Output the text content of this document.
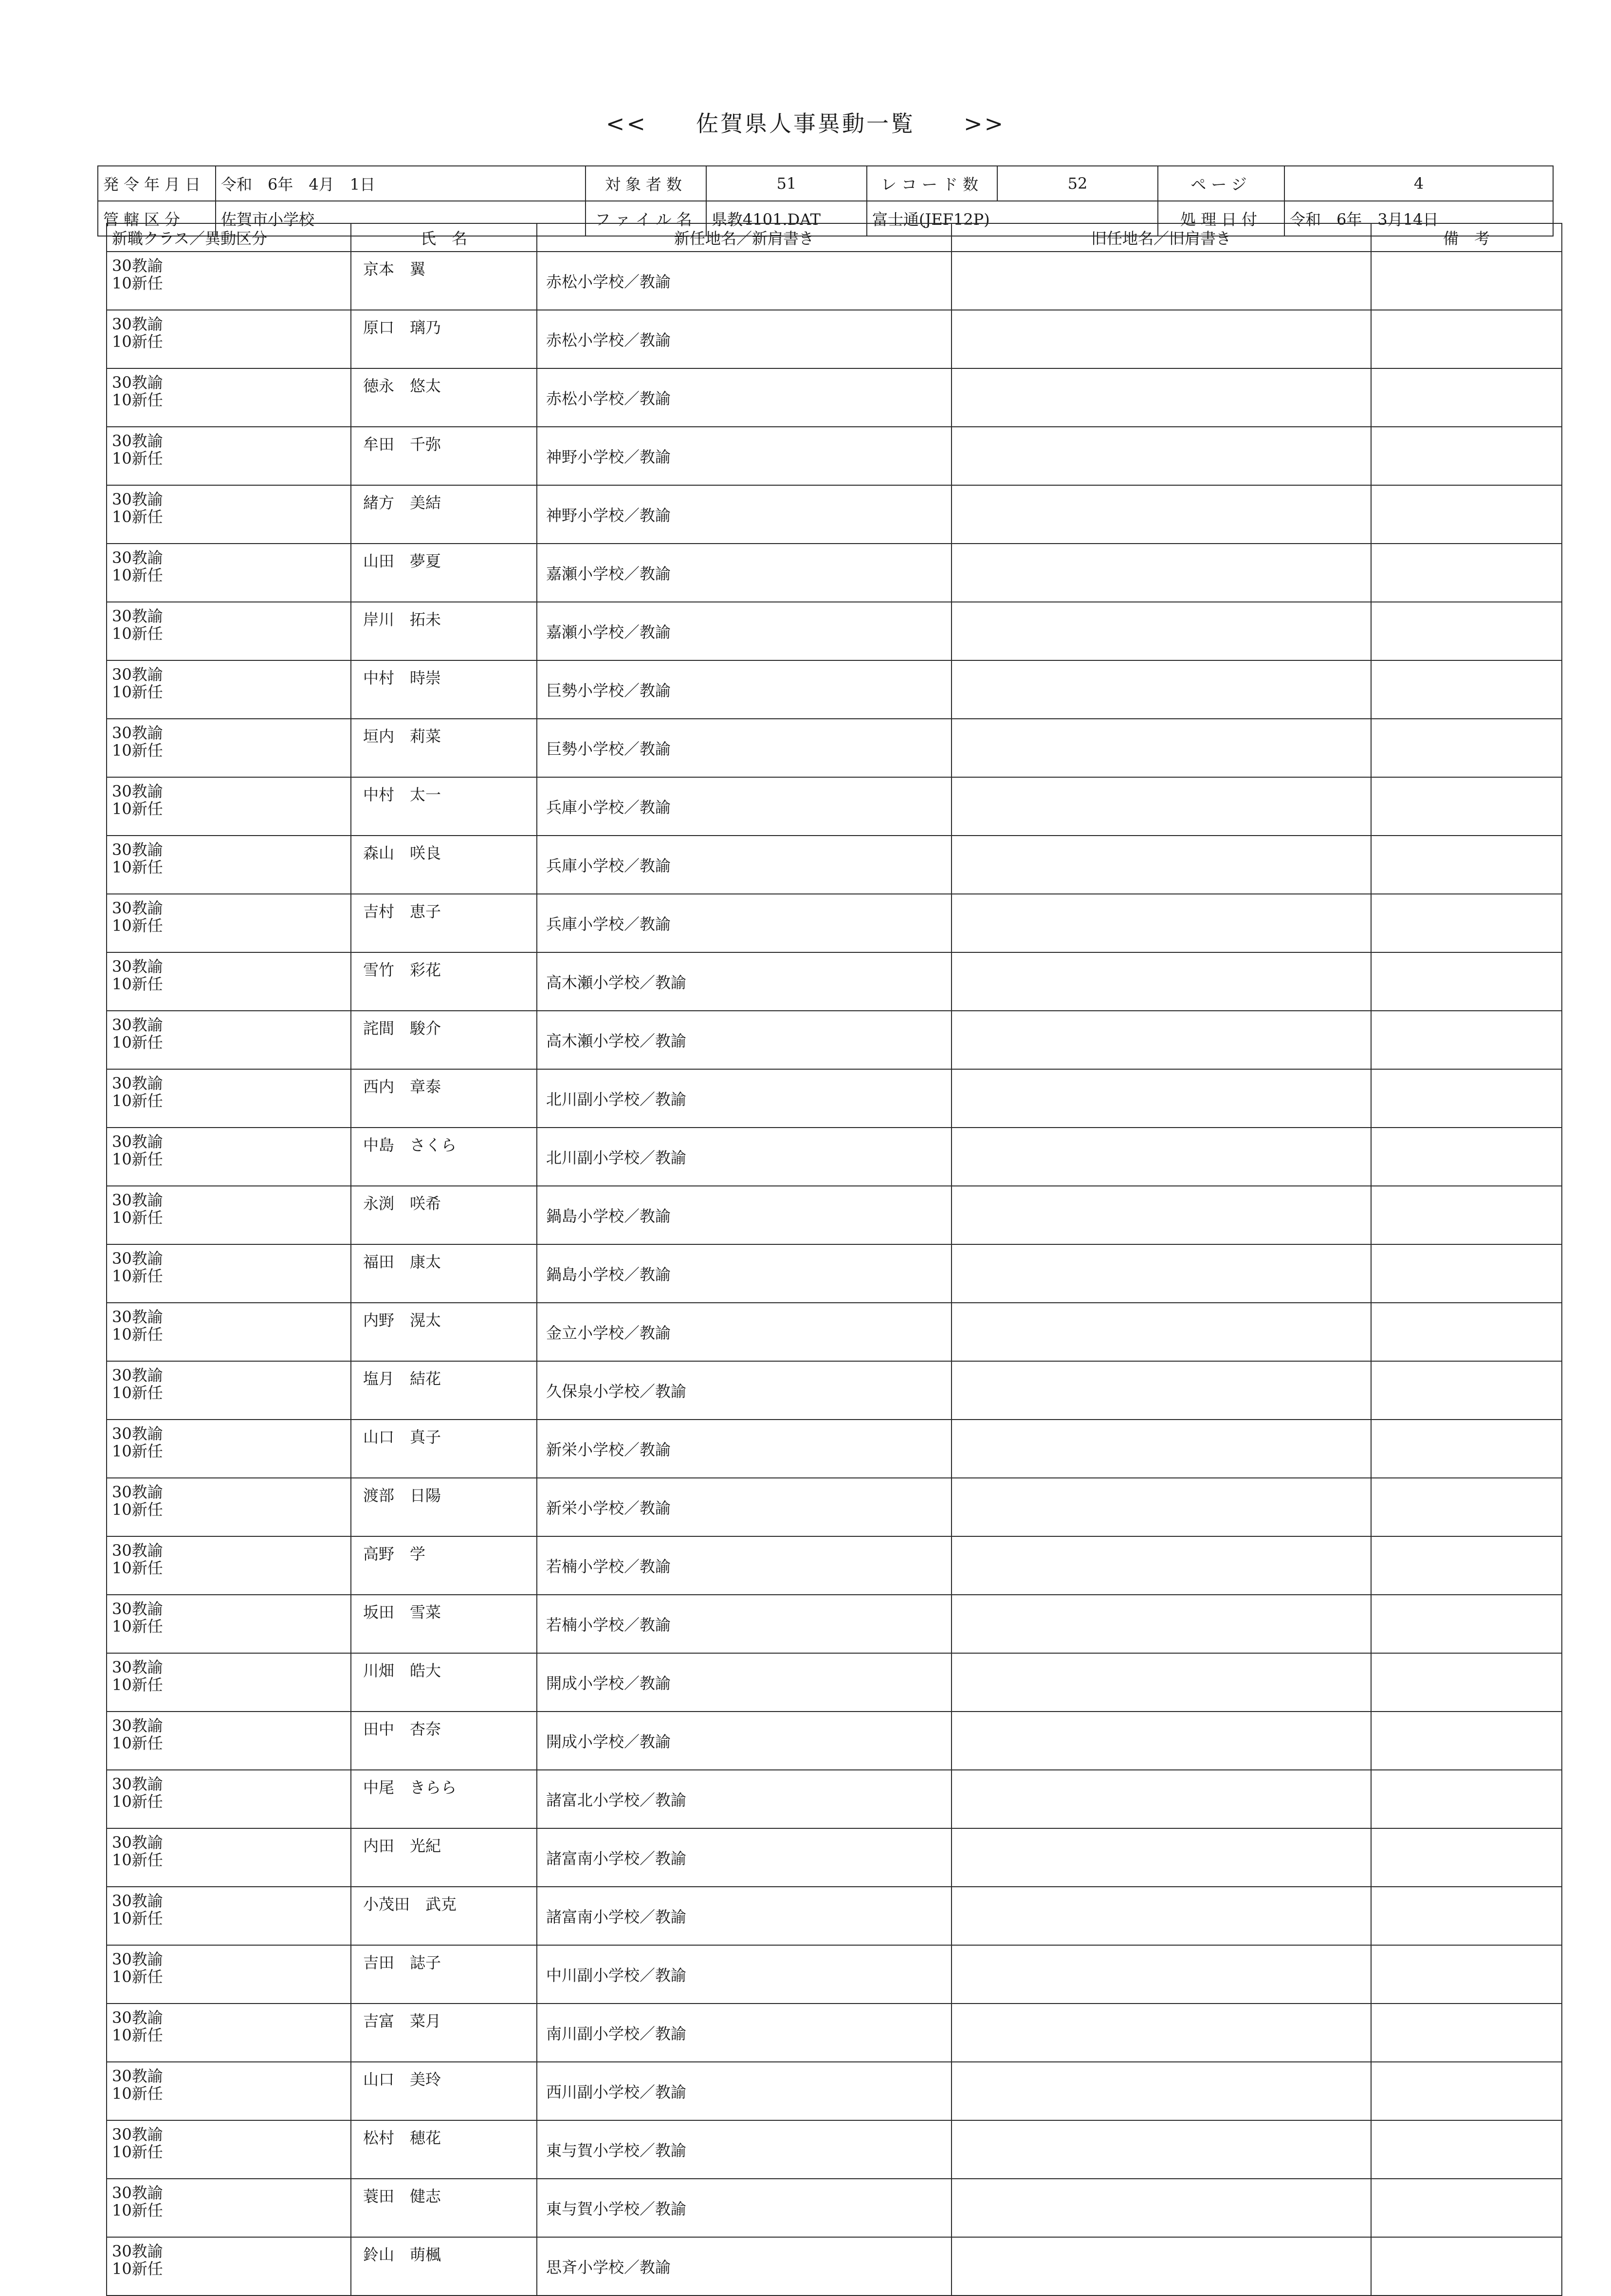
<<　　佐賀県人事異動一覧　　>>
発令年月日	令和　6年　4月　1日	対象者数	51	レコード数	52	ページ	4
管轄区分	佐賀市小学校	ファイル名	県教4101.DAT	富士通(JEF12P)		処理日付	令和　6年　3月14日
新職クラス／異動区分	氏　名	新任地名／新肩書き	旧任地名／旧肩書き	備　考

30教諭
10新任	京本　翼	赤松小学校／教諭		

30教諭
10新任	原口　璃乃	赤松小学校／教諭		

30教諭
10新任	徳永　悠太	赤松小学校／教諭		

30教諭
10新任	牟田　千弥	神野小学校／教諭		

30教諭
10新任	緒方　美結	神野小学校／教諭		

30教諭
10新任	山田　夢夏	嘉瀬小学校／教諭		

30教諭
10新任	岸川　拓未	嘉瀬小学校／教諭		

30教諭
10新任	中村　時崇	巨勢小学校／教諭		

30教諭
10新任	垣内　莉菜	巨勢小学校／教諭		

30教諭
10新任	中村　太一	兵庫小学校／教諭		

30教諭
10新任	森山　咲良	兵庫小学校／教諭		

30教諭
10新任	吉村　恵子	兵庫小学校／教諭		

30教諭
10新任	雪竹　彩花	高木瀬小学校／教諭		

30教諭
10新任	詫間　駿介	高木瀬小学校／教諭		

30教諭
10新任	西内　章泰	北川副小学校／教諭		

30教諭
10新任	中島　さくら	北川副小学校／教諭		

30教諭
10新任	永渕　咲希	鍋島小学校／教諭		

30教諭
10新任	福田　康太	鍋島小学校／教諭		

30教諭
10新任	内野　滉太	金立小学校／教諭		

30教諭
10新任	塩月　結花	久保泉小学校／教諭		

30教諭
10新任	山口　真子	新栄小学校／教諭		

30教諭
10新任	渡部　日陽	新栄小学校／教諭		

30教諭
10新任	高野　学	若楠小学校／教諭		

30教諭
10新任	坂田　雪菜	若楠小学校／教諭		

30教諭
10新任	川畑　皓大	開成小学校／教諭		

30教諭
10新任	田中　杏奈	開成小学校／教諭		

30教諭
10新任	中尾　きらら	諸富北小学校／教諭		

30教諭
10新任	内田　光紀	諸富南小学校／教諭		

30教諭
10新任	小茂田　武克	諸富南小学校／教諭		

30教諭
10新任	吉田　誌子	中川副小学校／教諭		

30教諭
10新任	吉富　菜月	南川副小学校／教諭		

30教諭
10新任	山口　美玲	西川副小学校／教諭		

30教諭
10新任	松村　穂花	東与賀小学校／教諭		

30教諭
10新任	蓑田　健志	東与賀小学校／教諭		

30教諭
10新任	鈴山　萌楓	思斉小学校／教諭		
